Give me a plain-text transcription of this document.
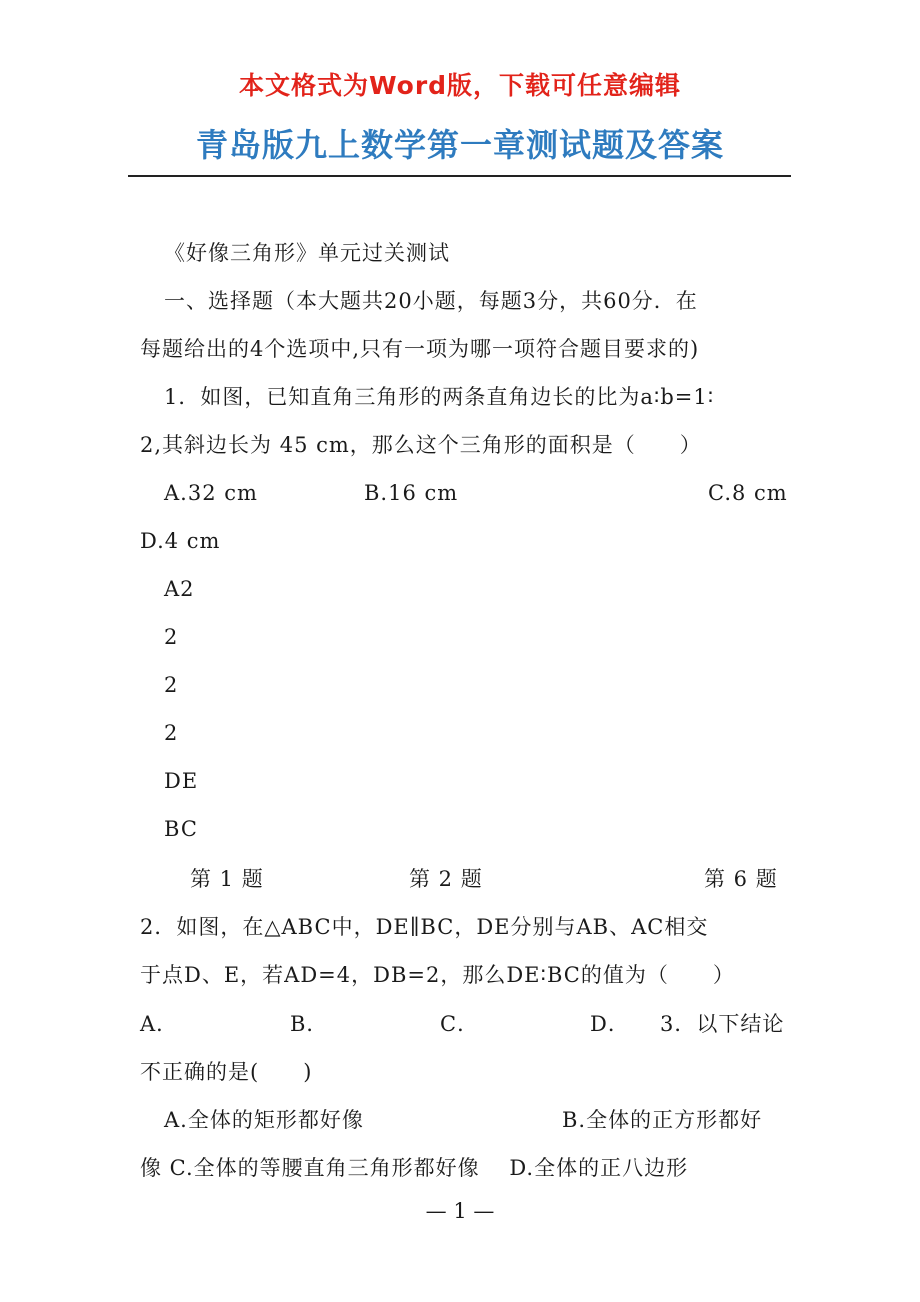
本文格式为Word版，下载可任意编辑
青岛版九上数学第一章测试题及答案
《好像三角形》单元过关测试
一、选择题（本大题共20小题，每题3分，共60分．在
每题给出的4个选项中,只有一项为哪一项符合题目要求的)
1．如图，已知直角三角形的两条直角边长的比为a∶b=1∶
2,其斜边长为 45 cm，那么这个三角形的面积是（　　）
A.32 cm	B.16 cm	C.8 cm
D.4 cm
A2
2
2
2
DE
BC
第 1 题	第 2 题	第 6 题
2．如图，在△ABC中，DE∥BC，DE分别与AB、AC相交
于点D、E，若AD=4，DB=2，那么DE∶BC的值为（　　）
A．	B．	C．	D． 3．以下结论
不正确的是(　　)
A.全体的矩形都好像	B.全体的正方形都好
像 C.全体的等腰直角三角形都好像　 D.全体的正八边形
— 1 —
